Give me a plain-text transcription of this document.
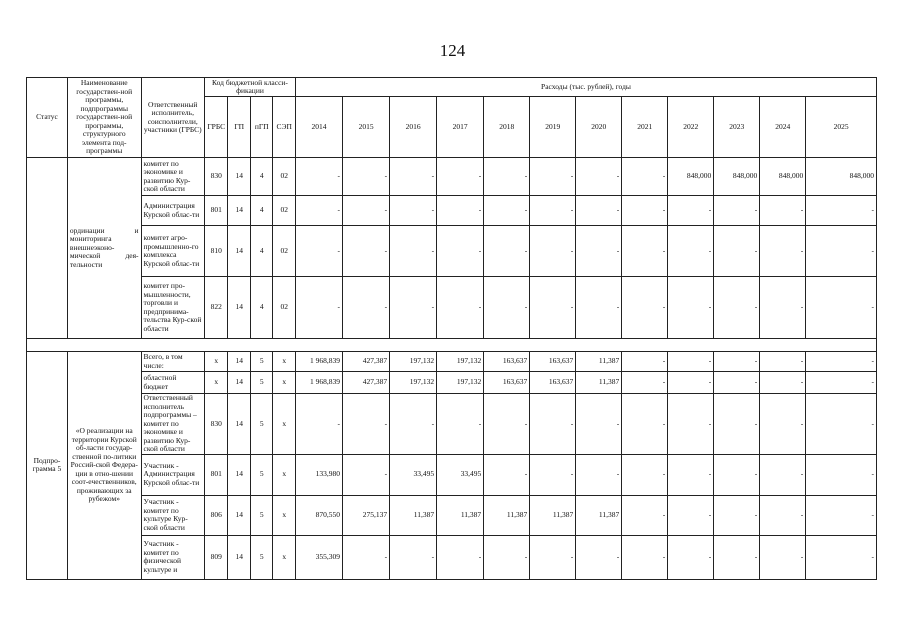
124
Статус	Наименование государствен-ной программы, подпрограммы государствен-ной программы, структурного элемента под-программы	Ответственный исполнитель, соисполнители, участники (ГРБС)	Код бюджетной класси-фикации				Расходы (тыс. рублей), годы											
			ГРБС	ГП	пГП	СЭП	2014	2015	2016	2017	2018	2019	2020	2021	2022	2023	2024	2025
	ординации и мониторинга внешнеэконо-мической дея-тельности	комитет по экономике и развитию Кур-ской области	830	14	4	02	-	-	-	-	-	-	-	-	848,000	848,000	848,000	848,000
		Администрация Курской облас-ти	801	14	4	02	-	-	-	-	-	-	-	-	-	-	-	-
		комитет агро-промышленно-го комплекса Курской облас-ти	810	14	4	02	-	-	-	-	-	-	-	-	-	-	-	-
		комитет про-мышленности, торговли и предпринима-тельства Кур-ской области	822	14	4	02	-	-	-	-	-	-	-	-	-	-	-	-

Подпро-грамма 5	«О реализации на территории Курской об-ласти государ-ственной по-литики Россий-ской Федера-ции в отно-шении соот-ечественников, проживающих за рубежом»	Всего, в том числе:	х	14	5	х	1 968,839	427,387	197,132	197,132	163,637	163,637	11,387	-	-	-	-	-
		областной бюджет	х	14	5	х	1 968,839	427,387	197,132	197,132	163,637	163,637	11,387	-	-	-	-	-
		Ответственный исполнитель подпрограммы – комитет по экономике и развитию Кур-ской области	830	14	5	х	-	-	-	-	-	-	-	-	-	-	-	-
		Участник - Администрация Курской облас-ти	801	14	5	х	133,980	-	33,495	33,495	-	-	-	-	-	-	-	-
		Участник - комитет по культуре Кур-ской области	806	14	5	х	870,550	275,137	11,387	11,387	11,387	11,387	11,387	-	-	-	-	-
		Участник - комитет по физической культуре и	809	14	5	х	355,309	-	-	-	-	-	-	-	-	-	-	-
